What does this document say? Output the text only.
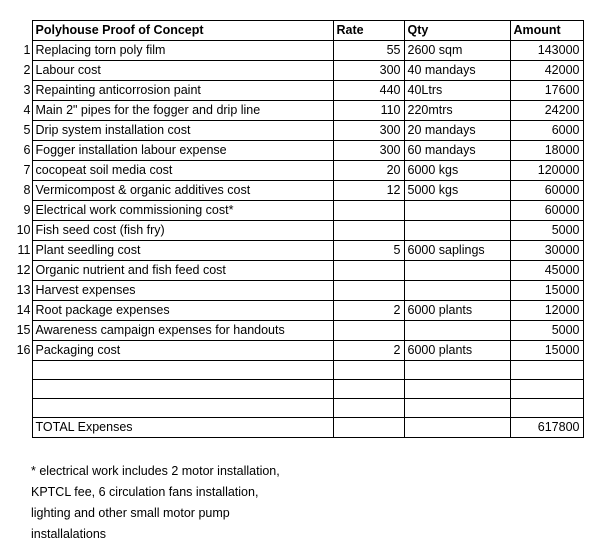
	Polyhouse Proof of Concept	Rate	Qty	Amount
1	Replacing torn poly film	55	2600 sqm	143000
2	Labour cost	300	40 mandays	42000
3	Repainting anticorrosion paint	440	40Ltrs	17600
4	Main 2" pipes for the fogger and drip line	110	220mtrs	24200
5	Drip system installation cost	300	20 mandays	6000
6	Fogger installation labour expense	300	60 mandays	18000
7	cocopeat soil media cost	20	6000 kgs	120000
8	Vermicompost & organic additives cost	12	5000 kgs	60000
9	Electrical work commissioning cost*			60000
10	Fish seed cost (fish fry)			5000
11	Plant seedling cost	5	6000 saplings	30000
12	Organic nutrient and fish feed cost			45000
13	Harvest expenses			15000
14	Root package expenses	2	6000 plants	12000
15	Awareness campaign expenses for handouts			5000
16	Packaging cost	2	6000 plants	15000

	TOTAL Expenses			617800
* electrical work includes 2 motor installation,
KPTCL fee, 6 circulation fans installation,
lighting and other small motor pump
installalations
